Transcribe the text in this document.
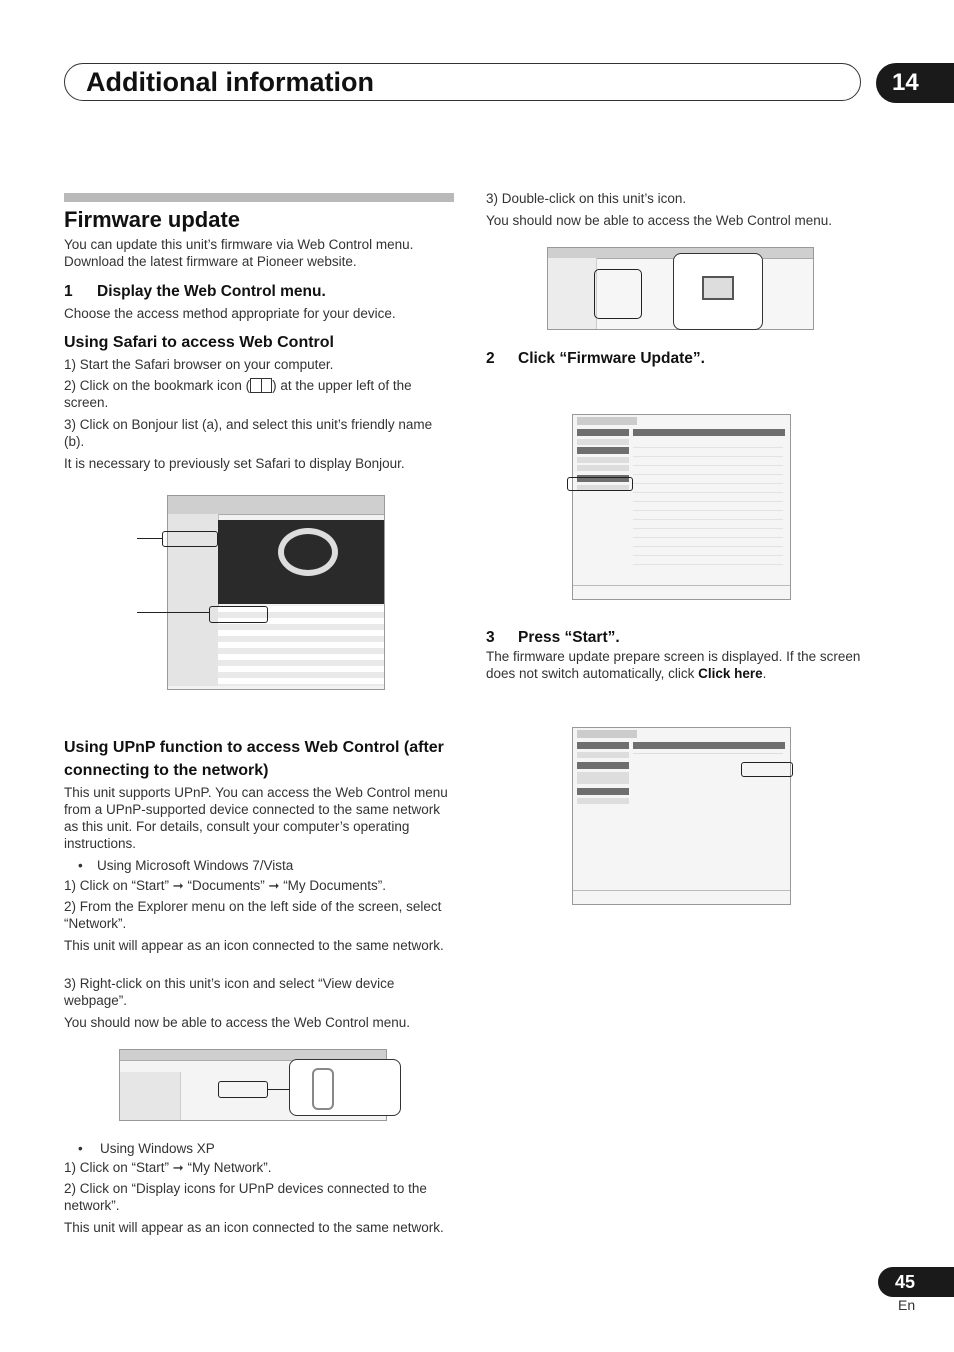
Additional information	14
Firmware update
You can update this unit’s firmware via Web Control menu. Download the latest firmware at Pioneer website.
1 Display the Web Control menu.
Choose the access method appropriate for your device.
Using Safari to access Web Control
1) Start the Safari browser on your computer.
2) Click on the bookmark icon ( ) at the upper left of the screen.
3) Click on Bonjour list (a), and select this unit’s friendly name (b).
It is necessary to previously set Safari to display Bonjour.
Using UPnP function to access Web Control (after connecting to the network)
This unit supports UPnP. You can access the Web Control menu from a UPnP-supported device connected to the same network as this unit. For details, consult your computer’s operating instructions.
• Using Microsoft Windows 7/Vista
1) Click on “Start” ➞ “Documents” ➞ “My Documents”.
2) From the Explorer menu on the left side of the screen, select “Network”.
This unit will appear as an icon connected to the same network.
3) Right-click on this unit’s icon and select “View device webpage”.
You should now be able to access the Web Control menu.
• Using Windows XP
1) Click on “Start” ➞ “My Network”.
2) Click on “Display icons for UPnP devices connected to the network”.
This unit will appear as an icon connected to the same network.
3) Double-click on this unit’s icon.
You should now be able to access the Web Control menu.
2 Click “Firmware Update”.
3 Press “Start”.
The firmware update prepare screen is displayed. If the screen does not switch automatically, click Click here.
45
En
